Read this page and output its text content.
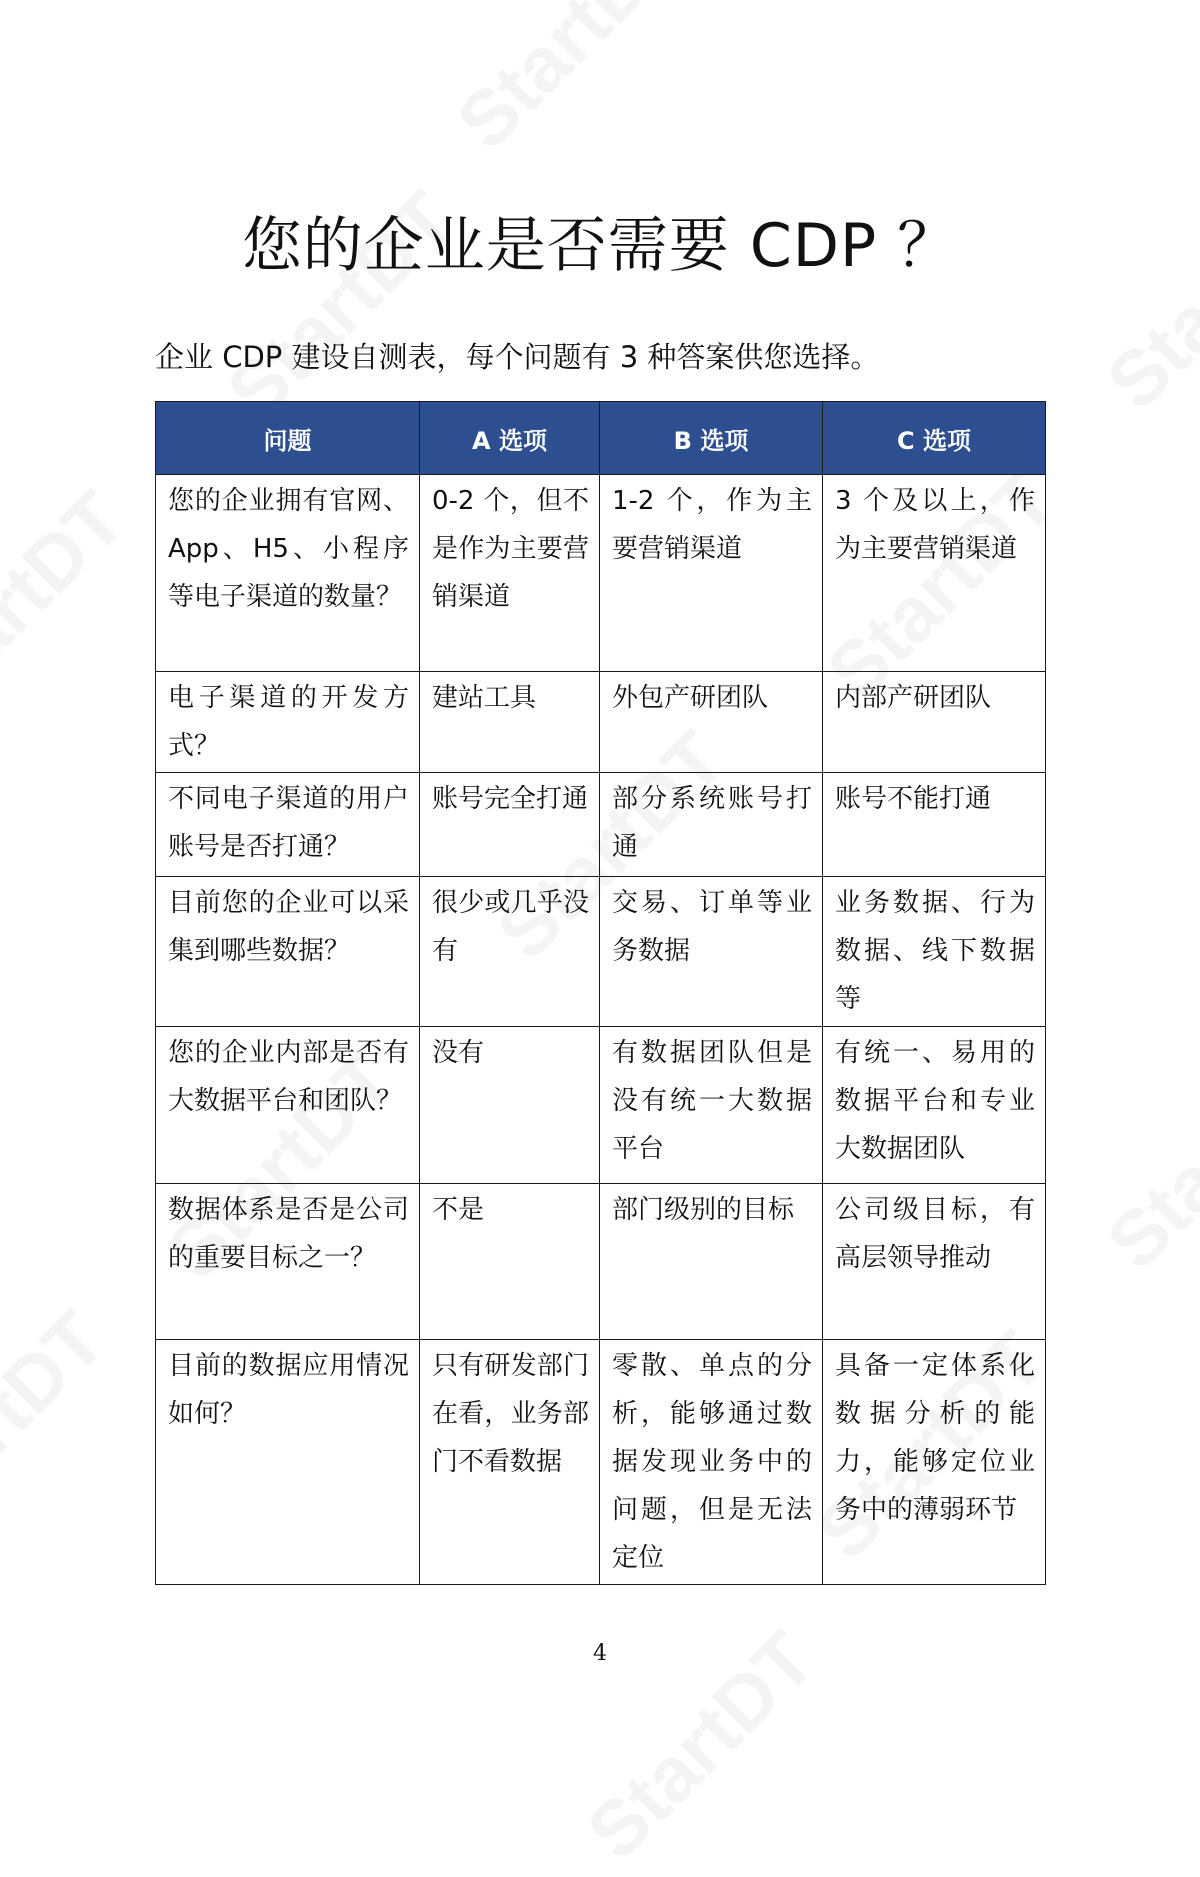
您的企业是否需要 CDP ？

企业 CDP 建设自测表，每个问题有 3 种答案供您选择。

问题	A 选项	B 选项	C 选项
您的企业拥有官网、App、H5、小程序等电子渠道的数量？	0-2 个，但不是作为主要营销渠道	1-2 个，作为主要营销渠道	3 个及以上，作为主要营销渠道
电子渠道的开发方式？	建站工具	外包产研团队	内部产研团队
不同电子渠道的用户账号是否打通？	账号完全打通	部分系统账号打通	账号不能打通
目前您的企业可以采集到哪些数据？	很少或几乎没有	交易、订单等业务数据	业务数据、行为数据、线下数据等
您的企业内部是否有大数据平台和团队？	没有	有数据团队但是没有统一大数据平台	有统一、易用的数据平台和专业大数据团队
数据体系是否是公司的重要目标之一？	不是	部门级别的目标	公司级目标，有高层领导推动
目前的数据应用情况如何？	只有研发部门在看，业务部门不看数据	零散、单点的分析，能够通过数据发现业务中的问题，但是无法定位	具备一定体系化数据分析的能力，能够定位业务中的薄弱环节
4
